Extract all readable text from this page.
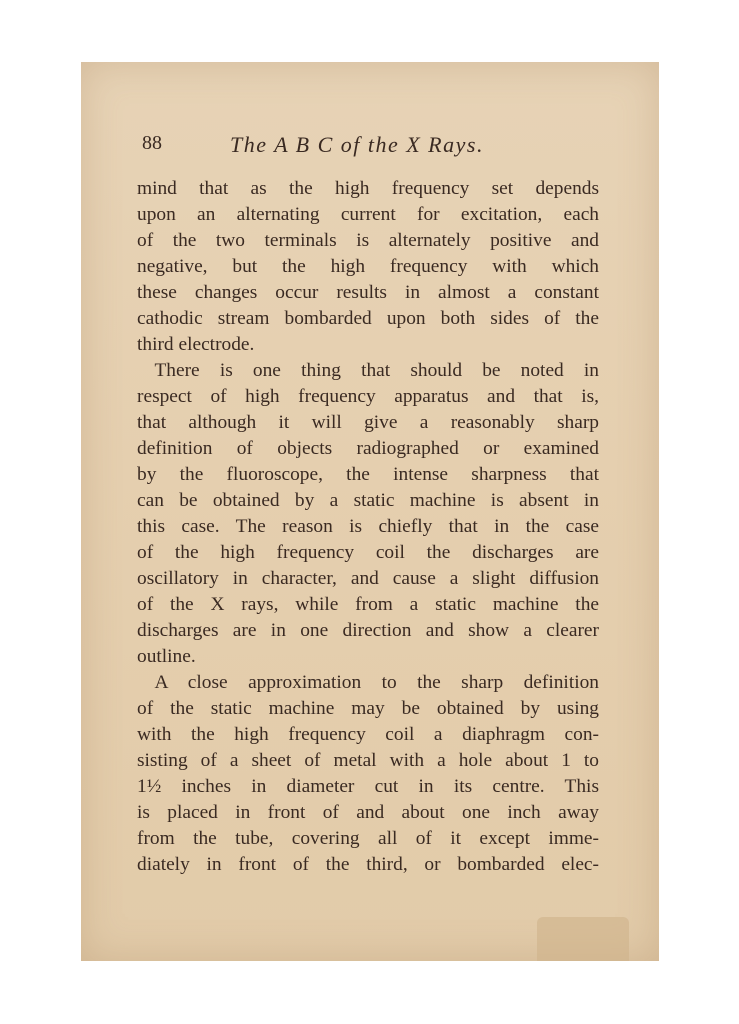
88	The A B C of the X Rays.
mind that as the high frequency set depends
upon an alternating current for excitation, each
of the two terminals is alternately positive and
negative, but the high frequency with which
these changes occur results in almost a constant
cathodic stream bombarded upon both sides of the
third electrode.
There is one thing that should be noted in
respect of high frequency apparatus and that is,
that although it will give a reasonably sharp
definition of objects radiographed or examined
by the fluoroscope, the intense sharpness that
can be obtained by a static machine is absent in
this case. The reason is chiefly that in the case
of the high frequency coil the discharges are
oscillatory in character, and cause a slight diffusion
of the X rays, while from a static machine the
discharges are in one direction and show a clearer
outline.
A close approximation to the sharp definition
of the static machine may be obtained by using
with the high frequency coil a diaphragm con-
sisting of a sheet of metal with a hole about 1 to
1½ inches in diameter cut in its centre. This
is placed in front of and about one inch away
from the tube, covering all of it except imme-
diately in front of the third, or bombarded elec-
